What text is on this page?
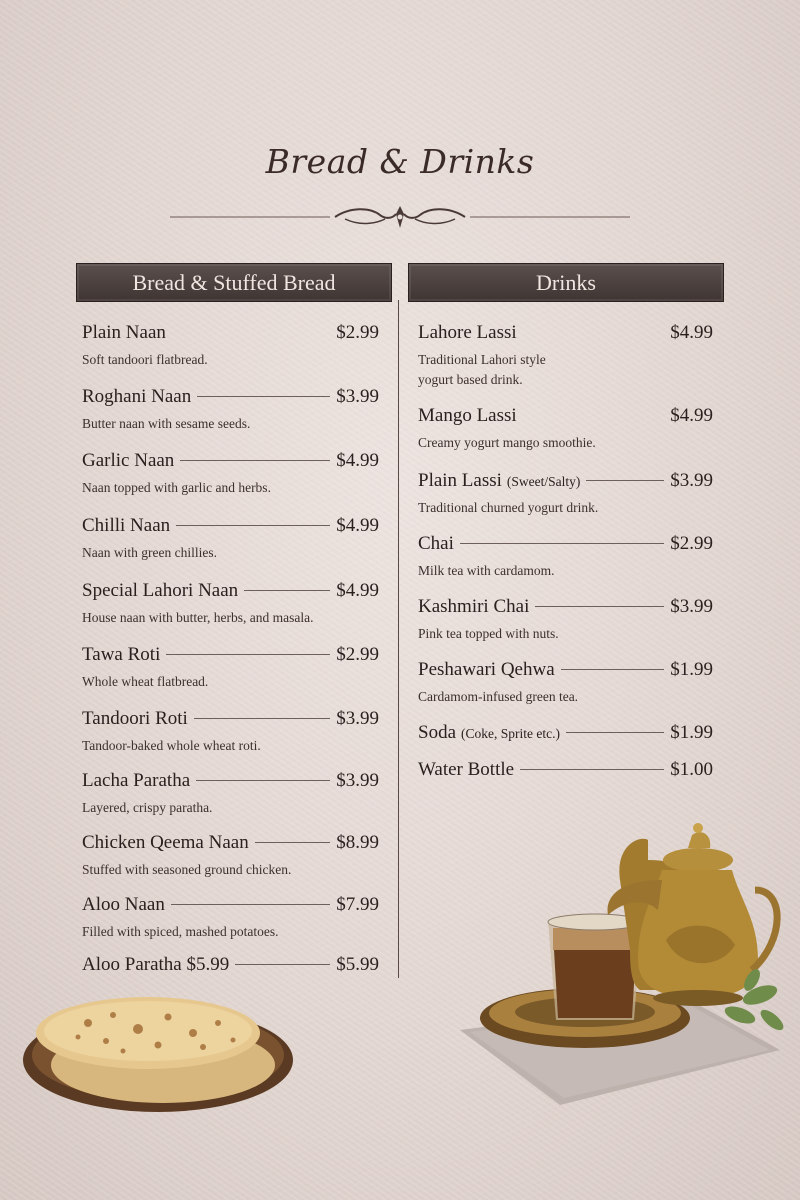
Bread & Drinks
Bread & Stuffed Bread	Drinks
Plain Naan	$2.99
Soft tandoori flatbread.
Roghani Naan	$3.99
Butter naan with sesame seeds.
Garlic Naan	$4.99
Naan topped with garlic and herbs.
Chilli Naan	$4.99
Naan with green chillies.
Special Lahori Naan	$4.99
House naan with butter, herbs, and masala.
Tawa Roti	$2.99
Whole wheat flatbread.
Tandoori Roti	$3.99
Tandoor-baked whole wheat roti.
Lacha Paratha	$3.99
Layered, crispy paratha.
Chicken Qeema Naan	$8.99
Stuffed with seasoned ground chicken.
Aloo Naan	$7.99
Filled with spiced, mashed potatoes.
Aloo Paratha $5.99	$5.99
Lahore Lassi	$4.99
Traditional Lahori style
yogurt based drink.
Mango Lassi	$4.99
Creamy yogurt mango smoothie.
Plain Lassi (Sweet/Salty)	$3.99
Traditional churned yogurt drink.
Chai	$2.99
Milk tea with cardamom.
Kashmiri Chai	$3.99
Pink tea topped with nuts.
Peshawari Qehwa	$1.99
Cardamom-infused green tea.
Soda (Coke, Sprite etc.)	$1.99
Water Bottle	$1.00
